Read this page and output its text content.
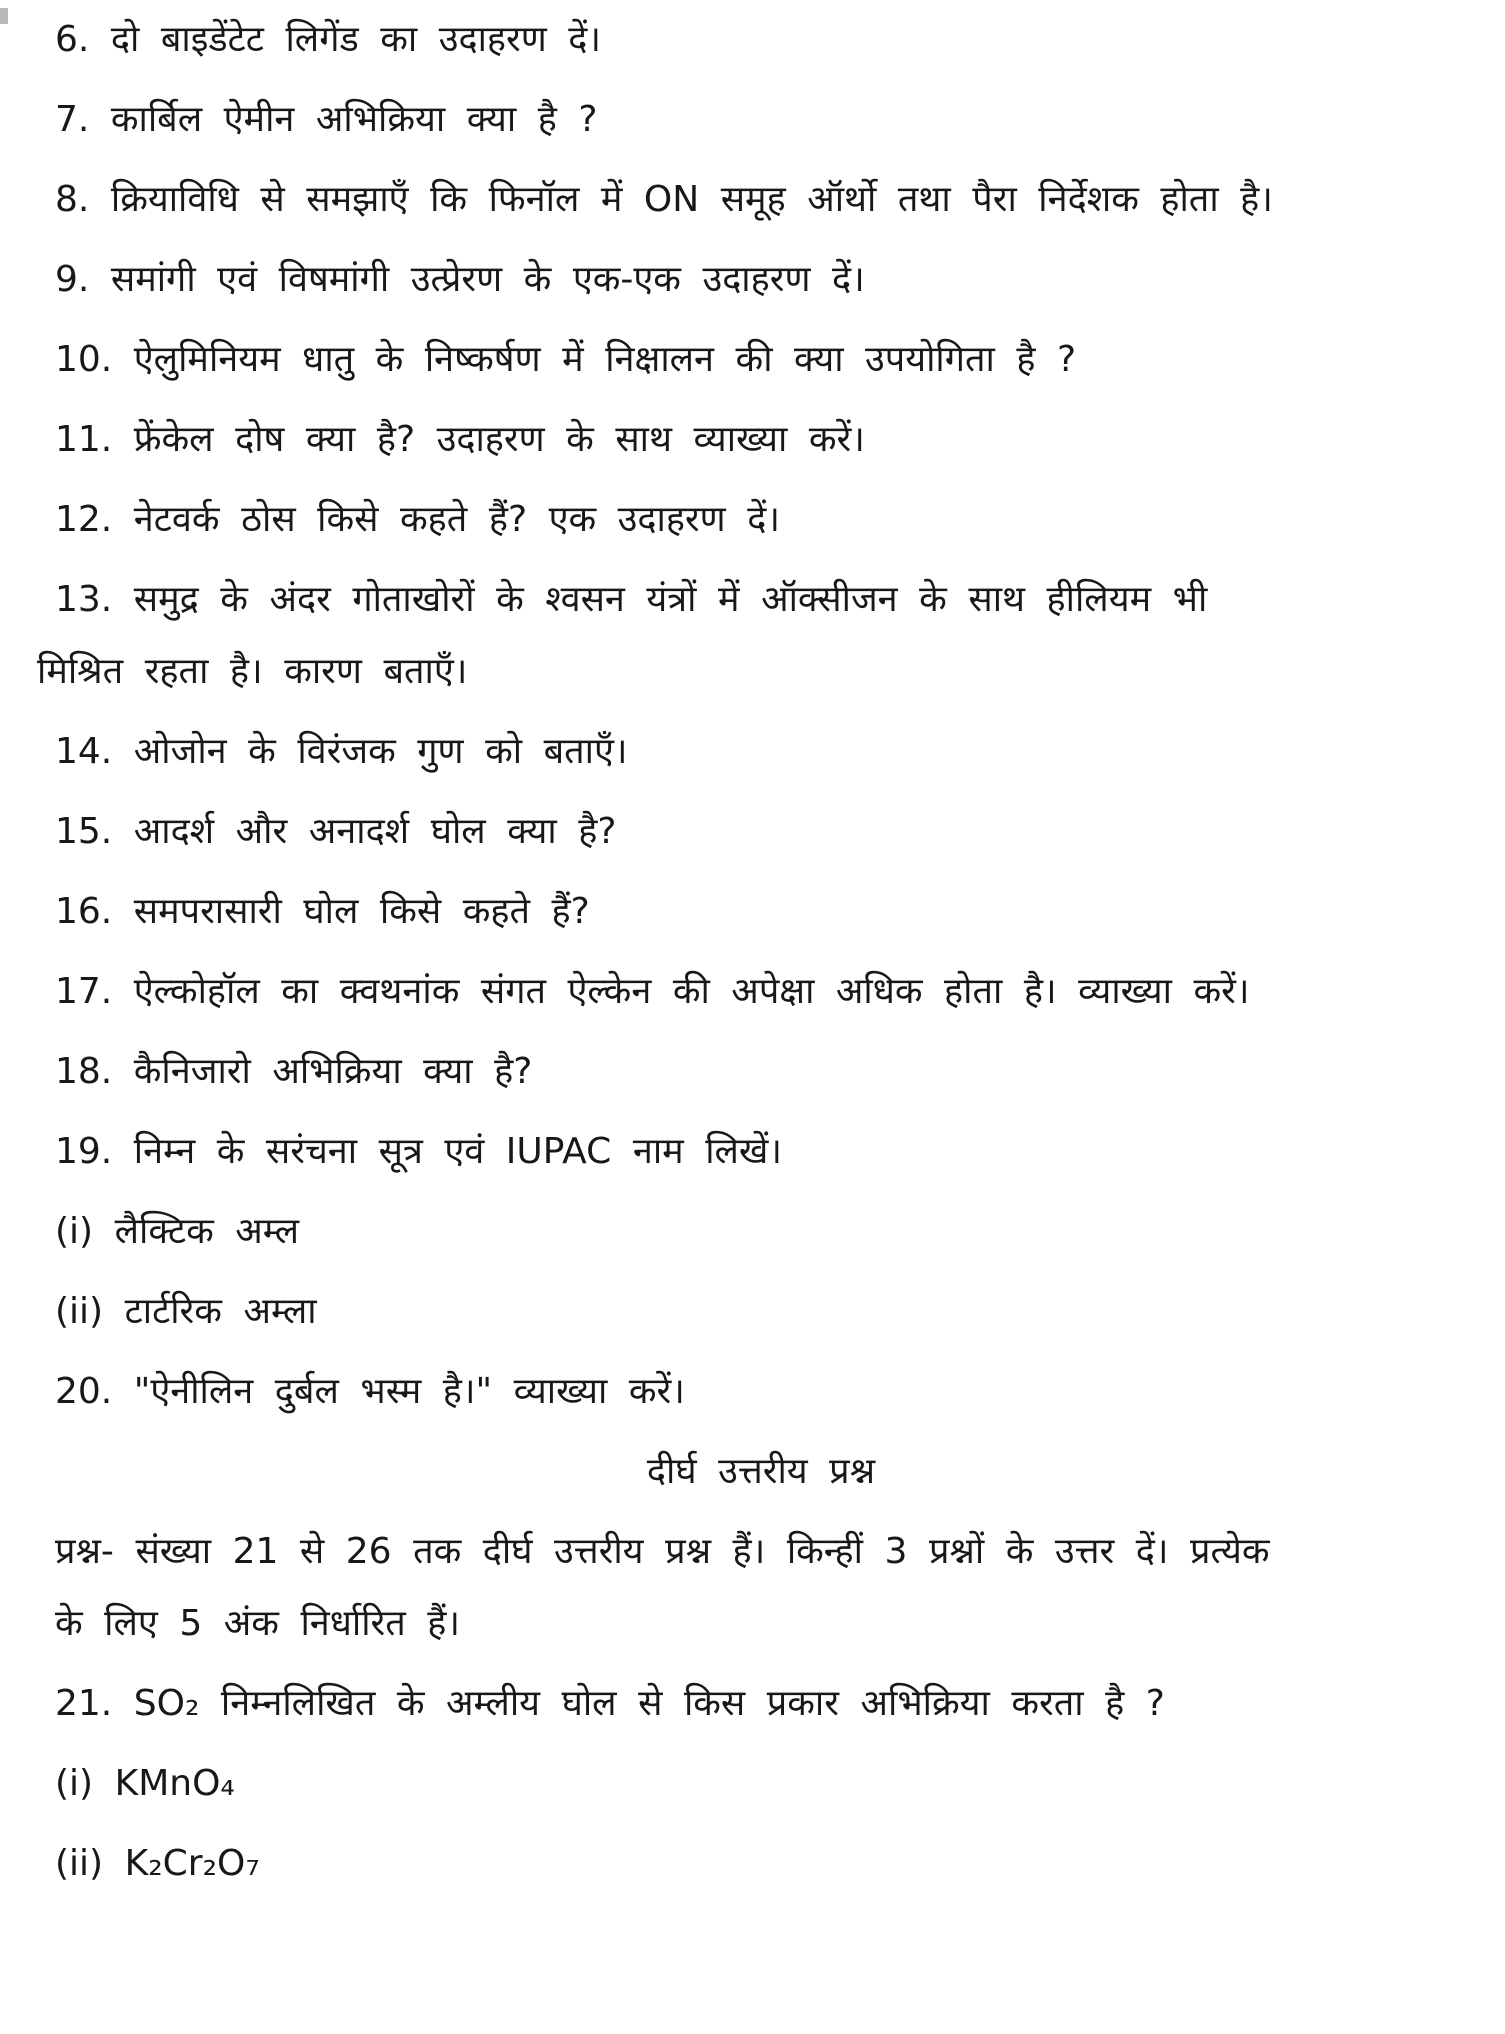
6. दो बाइडेंटेट लिगेंड का उदाहरण दें।

7. कार्बिल ऐमीन अभिक्रिया क्या है ?

8. क्रियाविधि से समझाएँ कि फिनॉल में ON समूह ऑर्थो तथा पैरा निर्देशक होता है।

9. समांगी एवं विषमांगी उत्प्रेरण के एक-एक उदाहरण दें।

10. ऐलुमिनियम धातु के निष्कर्षण में निक्षालन की क्या उपयोगिता है ?

11. फ्रेंकेल दोष क्या है? उदाहरण के साथ व्याख्या करें।

12. नेटवर्क ठोस किसे कहते हैं? एक उदाहरण दें।

13. समुद्र के अंदर गोताखोरों के श्वसन यंत्रों में ऑक्सीजन के साथ हीलियम भी
मिश्रित रहता है। कारण बताएँ।

14. ओजोन के विरंजक गुण को बताएँ।

15. आदर्श और अनादर्श घोल क्या है?

16. समपरासारी घोल किसे कहते हैं?

17. ऐल्कोहॉल का क्वथनांक संगत ऐल्केन की अपेक्षा अधिक होता है। व्याख्या करें।

18. कैनिजारो अभिक्रिया क्या है?

19. निम्न के सरंचना सूत्र एवं IUPAC नाम लिखें।

(i) लैक्टिक अम्ल

(ii) टार्टरिक अम्ला

20. "ऐनीलिन दुर्बल भस्म है।" व्याख्या करें।

दीर्घ उत्तरीय प्रश्न

प्रश्न- संख्या 21 से 26 तक दीर्घ उत्तरीय प्रश्न हैं। किन्हीं 3 प्रश्नों के उत्तर दें। प्रत्येक
के लिए 5 अंक निर्धारित हैं।

21. SO₂ निम्नलिखित के अम्लीय घोल से किस प्रकार अभिक्रिया करता है ?

(i) KMnO₄

(ii) K₂Cr₂O₇
